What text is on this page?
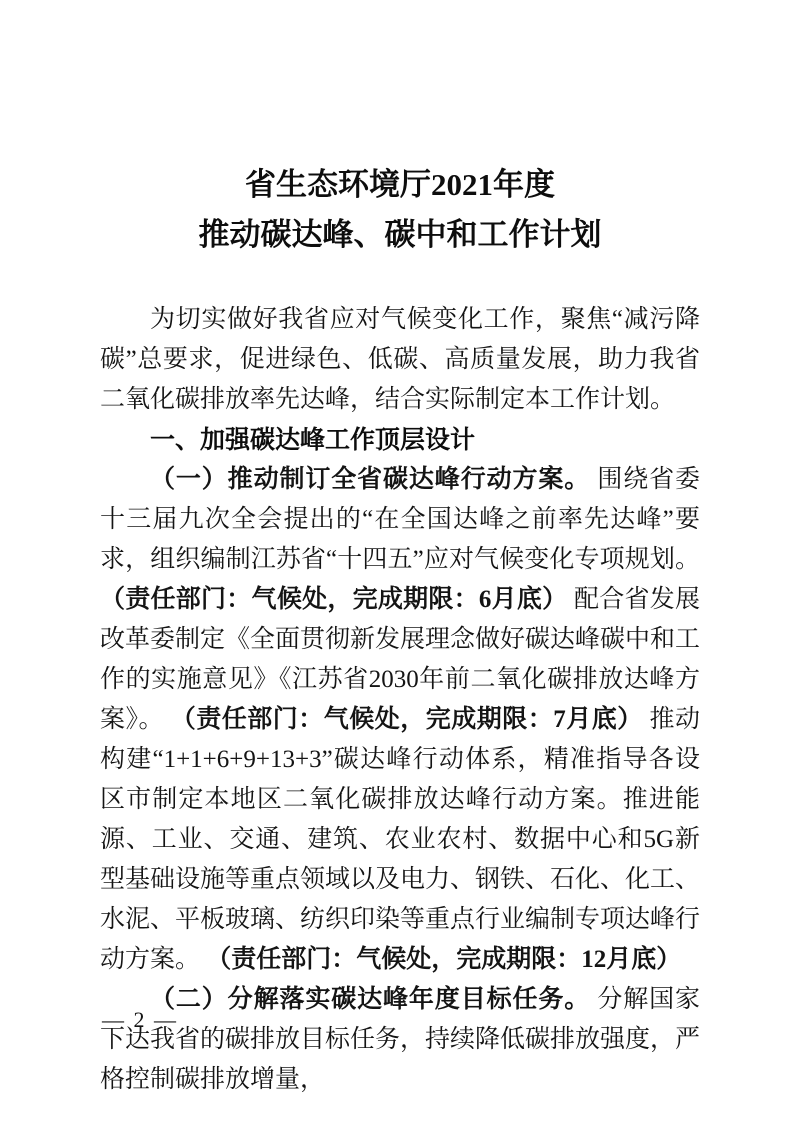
省生态环境厅2021年度
推动碳达峰、碳中和工作计划

为切实做好我省应对气候变化工作，聚焦“减污降碳”总要求，促进绿色、低碳、高质量发展，助力我省二氧化碳排放率先达峰，结合实际制定本工作计划。

一、加强碳达峰工作顶层设计

（一）推动制订全省碳达峰行动方案。 围绕省委十三届九次全会提出的“在全国达峰之前率先达峰”要求，组织编制江苏省“十四五”应对气候变化专项规划。 （责任部门：气候处，完成期限：6月底） 配合省发展改革委制定《全面贯彻新发展理念做好碳达峰碳中和工作的实施意见》《江苏省2030年前二氧化碳排放达峰方案》。 （责任部门：气候处，完成期限：7月底） 推动构建“1+1+6+9+13+3”碳达峰行动体系，精准指导各设区市制定本地区二氧化碳排放达峰行动方案。推进能源、工业、交通、建筑、农业农村、数据中心和5G新型基础设施等重点领域以及电力、钢铁、石化、化工、水泥、平板玻璃、纺织印染等重点行业编制专项达峰行动方案。 （责任部门：气候处，完成期限：12月底）

（二）分解落实碳达峰年度目标任务。 分解国家下达我省的碳排放目标任务，持续降低碳排放强度，严格控制碳排放增量，

— 2 —
